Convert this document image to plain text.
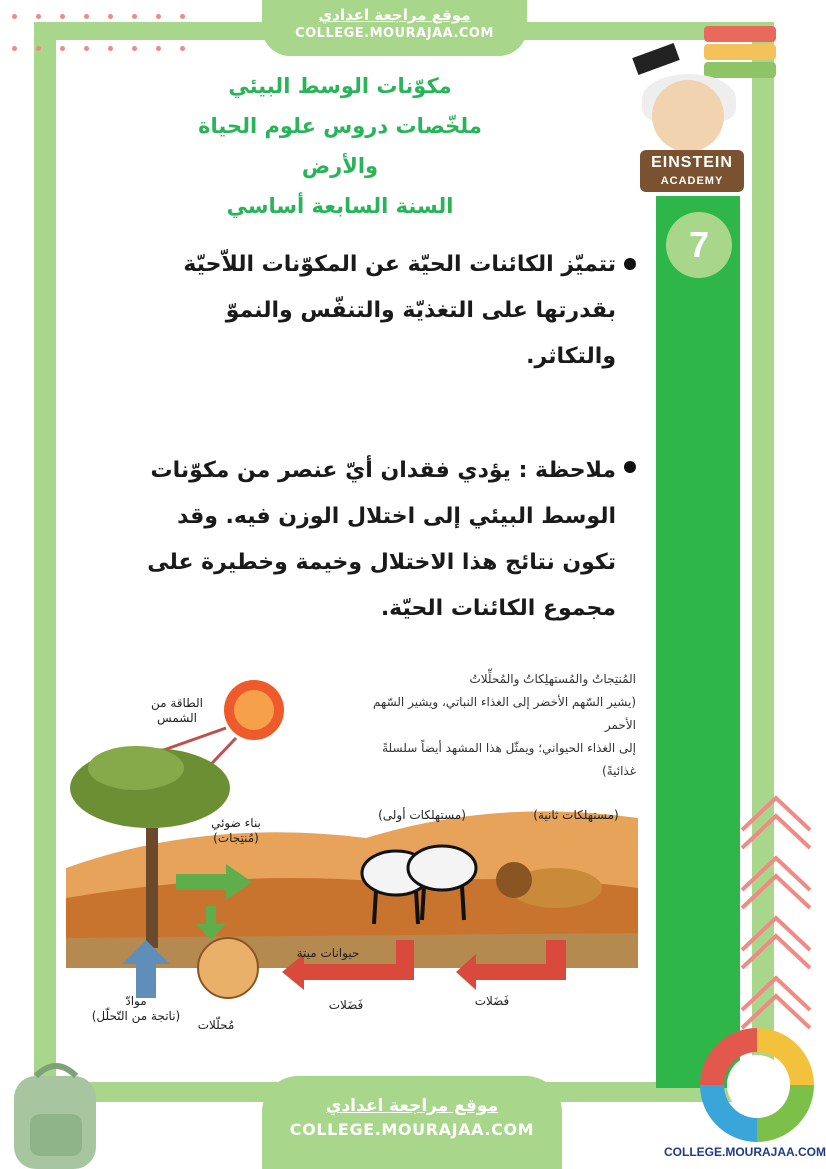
موقع مراجعة اعدادي
COLLEGE.MOURAJAA.COM
مكوّنات الوسط البيئي
ملخّصات دروس علوم الحياة
والأرض
السنة السابعة أساسي
EINSTEIN
ACADEMY
7
تتميّز الكائنات الحيّة عن المكوّنات اللاّحيّة بقدرتها على التغذيّة والتنفّس والنموّ والتكاثر.
ملاحظة : يؤدي فقدان أيّ عنصر من مكوّنات الوسط البيئي إلى اختلال الوزن فيه. وقد تكون نتائج هذا الاختلال وخيمة وخطيرة على مجموع الكائنات الحيّة.
المُنتِجاتُ والمُستهلِكاتُ والمُحلِّلاتُ
(يشير السّهم الأخضر إلى الغذاء النباتي، ويشير السّهم الأحمر
إلى الغذاء الحيواني؛ ويمثّل هذا المشهد أيضاً سلسلةً غذائيةً)
الطاقة من الشمس
بناء ضوئي
(مُنتِجات)
(مستهلكات أولى)	(مستهلكات ثانية)
حيوانات ميتة
فَضَلات	فَضَلات
موادّ
(ناتجة من التّحلّل)
مُحلّلات
COLLEGE.MOURAJAA.COM
موقع مراجعة اعدادي
COLLEGE.MOURAJAA.COM
